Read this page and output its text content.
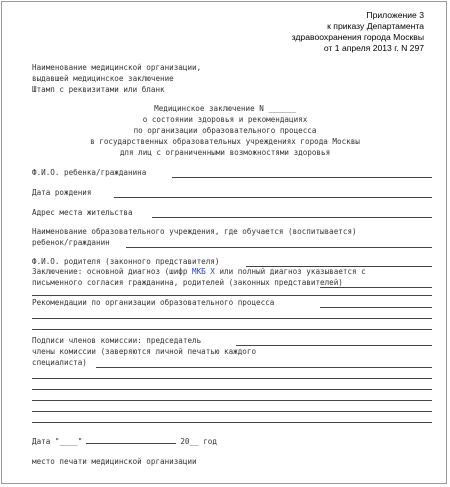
Приложение 3
к приказу Департамента
здравоохранения города Москвы
от 1 апреля 2013 г. N 297
Наименование медицинской организации,
выдавшей медицинское заключение
Штамп с реквизитами или бланк
Медицинское заключение N ______
о состоянии здоровья и рекомендациях
по организации образовательного процесса
в государственных образовательных учреждениях города Москвы
для лиц с ограниченными возможностями здоровья
Ф.И.О. ребенка/гражданина
Дата рождения
Адрес места жительства
Наименование образовательного учреждения, где обучается (воспитывается)
ребенок/гражданин
Ф.И.О. родителя (законного представителя)
Заключение: основной диагноз (шифр МКБ Х или полный диагноз указывается с
письменного согласия гражданина, родителей (законных представителей)
Рекомендации по организации образовательного процесса
Подписи членов комиссии: председатель
члены комиссии (заверяются личной печатью каждого
специалиста)
Дата "____"	20__ год
место печати медицинской организации
